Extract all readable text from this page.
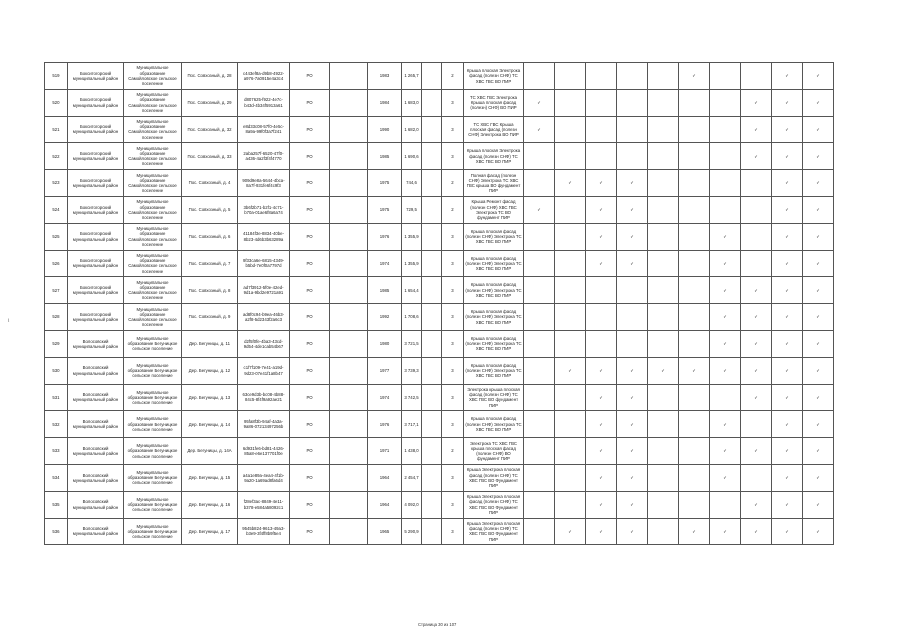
ι
519	Бокситогорский муниципальный район	Муниципальное образование Самойловское сельское поселение	Пос. Совхозный, д. 28	c443ef8a-d9b8-4922-a976-7a0915e4a3c4	РО		1983	1 265,7		2	Крыша плоская Электрока фасад (полезн СНФ) ТС ХВС ГВС ВО ПИР						✓			✓	✓
520	Бокситогорский муниципальный район	Муниципальное образование Самойловское сельское поселение	Пос. Совхозный, д. 29	d807625-f922-4e7c-b43d-4b34f5913a61	РО		1984	1 683,0		3	ТС ХВС ГВС Электрока Крыша плоская фасад (полезн) СНФ) ВО ПИР	✓							✓	✓	✓
521	Бокситогорский муниципальный район	Муниципальное образование Самойловское сельское поселение	Пос. Совхозный, д. 32	e8d33c08-57f0-4e5c-8a9a-99f0f3a7f241	РО		1990	1 682,0		3	ТС ХВС ГВС Крыша плоская фасад (полезн СНФ) Электрока ВО ПИР	✓							✓	✓	✓
522	Бокситогорский муниципальный район	Муниципальное образование Самойловское сельское поселение	Пос. Совхозный, д. 33	2aba257f-6520-47f0-a436-4a2f3f4f4770	РО		1985	1 690,6		3	Крыша плоская Электрока фасад (полезн СНФ) ТС ХВС ГВС ВО ПИР								✓	✓	✓
523	Бокситогорский муниципальный район	Муниципальное образование Самойловское сельское поселение	Пос. Совхозный, д. 4	909d9e8a-5644-4bca-8a7f-931fe6f4c9f3	РО		1975	744,6		2	Полная фасад (полезн СНФ) Электрока ТС ХВС ГВС крыша ВО фундамент ПИР		✓	✓	✓					✓	✓
524	Бокситогорский муниципальный район	Муниципальное образование Самойловское сельское поселение	Пос. Совхозный, д. 5	3b6f2b71-b2f1-4c71-b70a-01ae6f8a6a74	РО		1975	729,5		2	Крыша Ремонт фасад (полезн СНФ) ХВС ГВС Электрока ТС ВО фундамент ПИР	✓		✓	✓					✓	✓
525	Бокситогорский муниципальный район	Муниципальное образование Самойловское сельское поселение	Пос. Совхозный, д. 6	41184f3e-8834-40be-8b23-4d6b3b63289a	РО		1976	1 355,9		3	Крыша плоская фасад (полезн СНФ) Электрока ТС ХВС ГВС ВО ПИР			✓	✓			✓		✓	✓
526	Бокситогорский муниципальный район	Муниципальное образование Самойловское сельское поселение	Пос. Совхозный, д. 7	9f33ca6e-6815-4349-b5bd-7e0f0a7797d	РО		1974	1 355,9		3	Крыша плоская фасад (полезн СНФ) Электрока ТС ХВС ГВС ВО ПИР			✓	✓			✓		✓	✓
527	Бокситогорский муниципальный район	Муниципальное образование Самойловское сельское поселение	Пос. Совхозный, д. 8	ad7f3912-5f0e-42ed-9d1a-9bd2e9721a91	РО		1985	1 654,4		3	Крыша плоская фасад (полезн СНФ) Электрока ТС ХВС ГВС ВО ПИР							✓	✓	✓	✓
528	Бокситогорский муниципальный район	Муниципальное образование Самойловское сельское поселение	Пос. Совхозный, д. 9	ad8f0c94-b9ea-46b3-a2f8-5d2343f2a6c3	РО		1992	1 708,6		3	Крыша плоская фасад (полезн СНФ) Электрока ТС ХВС ГВС ВО ПИР							✓	✓	✓	✓
529	Волосовский муниципальный район	Муниципальное образование Бегуницкое сельское поселение	Дер. Бегуницы, д. 11	d2f5f0fe-4ba3-43cd-9d54-4de1cab54b67	РО		1980	3 721,5		3	Крыша плоская фасад (полезн СНФ) Электрока ТС ХВС ГВС ВО ПИР							✓	✓	✓	✓
530	Волосовский муниципальный район	Муниципальное образование Бегуницкое сельское поселение	Дер. Бегуницы, д. 12	c1f7f109-7e41-a19d-9d23-07e41f1a8b47	РО		1977	3 739,3		3	Крыша плоская фасад (полезн СНФ) Электрока ТС ХВС ГВС ВО ПИР		✓	✓	✓	✓	✓	✓	✓	✓	✓
531	Волосовский муниципальный район	Муниципальное образование Бегуницкое сельское поселение	Дер. Бегуницы, д. 13	63ce9d3b-bc08-4b88-84c5-8f4f9a92ae21	РО		1974	3 742,5		3	Электрока крыша плоская фасад (полезн СНФ) ТС ХВС ГВС ВО фундамент ПИР			✓	✓				✓	✓	✓
532	Волосовский муниципальный район	Муниципальное образование Бегуницкое сельское поселение	Дер. Бегуницы, д. 14	95fa8f3b-94af-4a3a-9a86-07213497256b	РО		1976	3 717,1		3	Крыша плоская фасад (полезн СНФ) Электрока ТС ХВС ГВС ВО ПИР			✓	✓			✓		✓	✓
533	Волосовский муниципальный район	Муниципальное образование Бегуницкое сельское поселение	Дер. Бегуницы, д. 14А	6d931fe6-bd81-4426-85a8-e6e137701f0e	РО		1971	1 438,0		2	Электрока ТС ХВС ГВС крыша плоская фасад (полезн СНФ) ВО фундамент ПИР			✓	✓			✓	✓	✓	✓
534	Волосовский муниципальный район	Муниципальное образование Бегуницкое сельское поселение	Дер. Бегуницы, д. 15	a4a1e89a-4ea4-4f1b-9a20-1a69ad8fa6d4	РО		1964	2 454,7		3	Крыша Электрока плоская фасад (полезн СНФ) ТС ХВС ГВС ВО Фундамент ПИР			✓	✓			✓		✓	✓
535	Волосовский муниципальный район	Муниципальное образование Бегуницкое сельское поселение	Дер. Бегуницы, д. 16	f28ef3ac-8849-4e11-b378-e584a58092c1	РО		1964	4 092,0		3	Крыша Электрока плоская фасад (полезн СНФ) ТС ХВС ГВС ВО Фундамент ПИР			✓	✓				✓	✓	✓
536	Волосовский муниципальный район	Муниципальное образование Бегуницкое сельское поселение	Дер. Бегуницы, д. 17	9545b824-9613-49a3-b3e9-3f4ff8b9f5e4	РО		1965	5 290,9		3	Крыша Электрока плоская фасад (полезн СНФ) ТС ХВС ГВС ВО Фундамент ПИР		✓	✓	✓		✓	✓	✓	✓	✓
Страница 30 из 107
